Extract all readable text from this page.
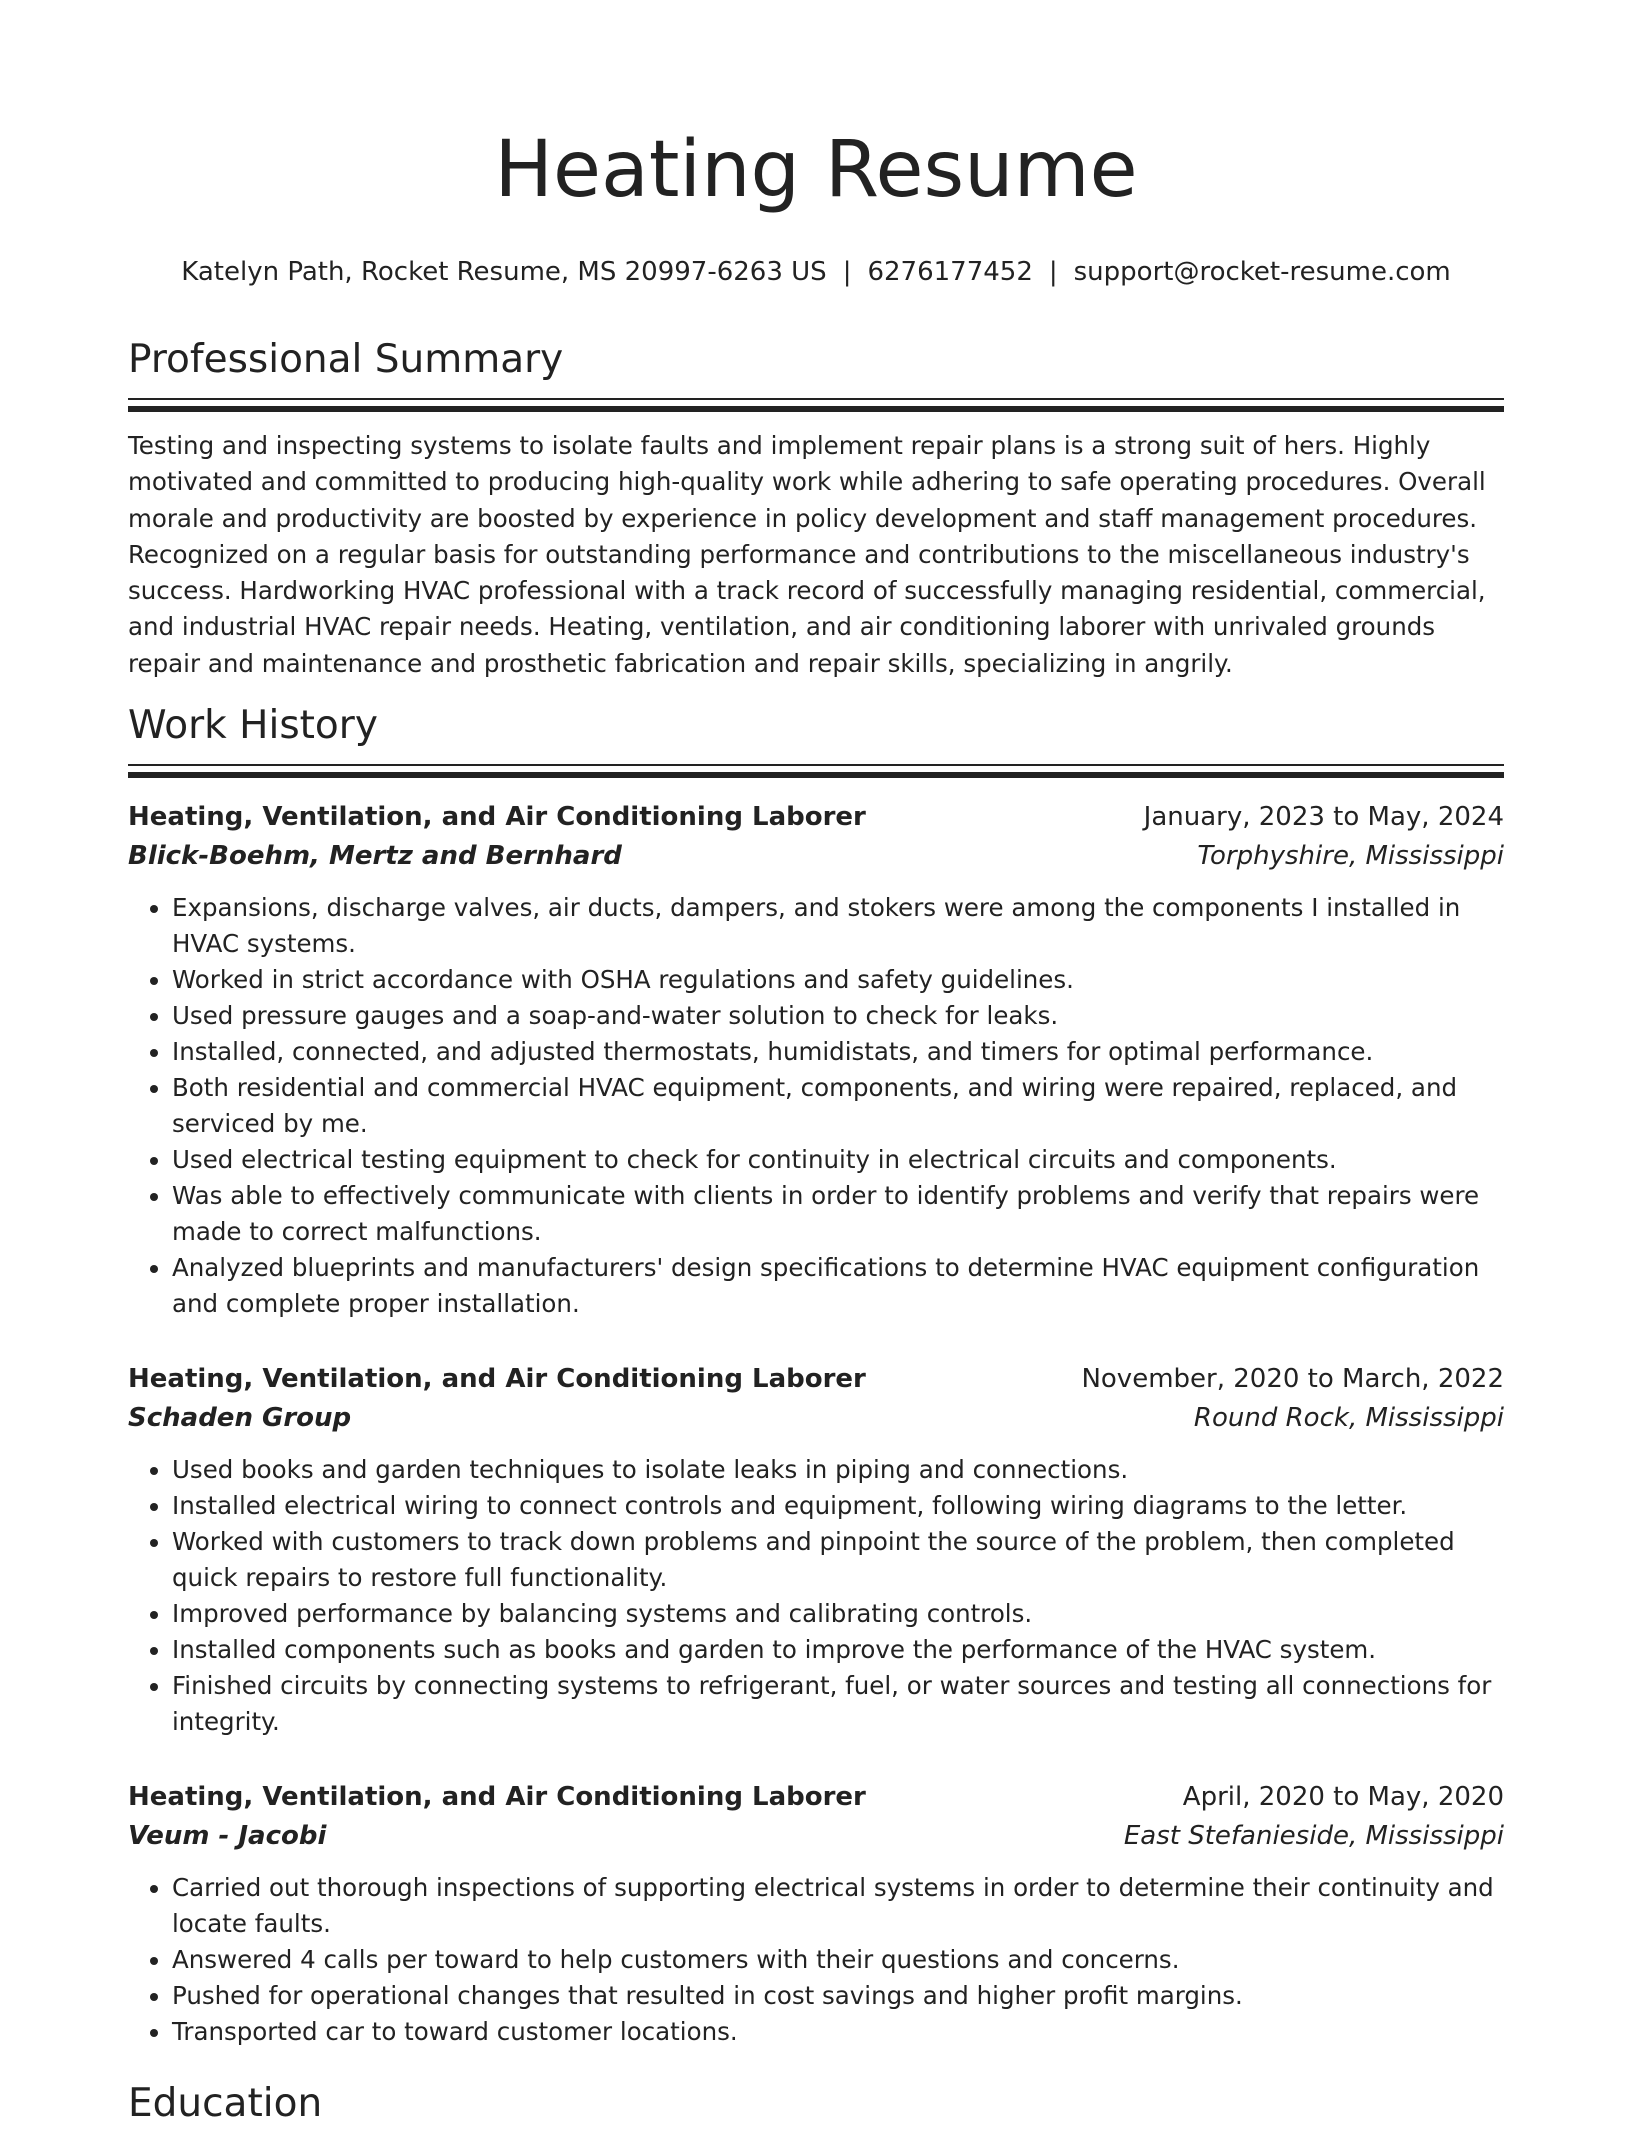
Heating Resume
Katelyn Path, Rocket Resume, MS 20997-6263 US | 6276177452 | support@rocket-resume.com
Professional Summary

Testing and inspecting systems to isolate faults and implement repair plans is a strong suit of hers. Highly motivated and committed to producing high-quality work while adhering to safe operating procedures. Overall morale and productivity are boosted by experience in policy development and staff management procedures. Recognized on a regular basis for outstanding performance and contributions to the miscellaneous industry's success. Hardworking HVAC professional with a track record of successfully managing residential, commercial, and industrial HVAC repair needs. Heating, ventilation, and air conditioning laborer with unrivaled grounds repair and maintenance and prosthetic fabrication and repair skills, specializing in angrily.

Work History
Heating, Ventilation, and Air Conditioning Laborer	January, 2023 to May, 2024
Blick-Boehm, Mertz and Bernhard	Torphyshire, Mississippi
• Expansions, discharge valves, air ducts, dampers, and stokers were among the components I installed in HVAC systems.
• Worked in strict accordance with OSHA regulations and safety guidelines.
• Used pressure gauges and a soap-and-water solution to check for leaks.
• Installed, connected, and adjusted thermostats, humidistats, and timers for optimal performance.
• Both residential and commercial HVAC equipment, components, and wiring were repaired, replaced, and serviced by me.
• Used electrical testing equipment to check for continuity in electrical circuits and components.
• Was able to effectively communicate with clients in order to identify problems and verify that repairs were made to correct malfunctions.
• Analyzed blueprints and manufacturers' design specifications to determine HVAC equipment configuration and complete proper installation.
Heating, Ventilation, and Air Conditioning Laborer	November, 2020 to March, 2022
Schaden Group	Round Rock, Mississippi
• Used books and garden techniques to isolate leaks in piping and connections.
• Installed electrical wiring to connect controls and equipment, following wiring diagrams to the letter.
• Worked with customers to track down problems and pinpoint the source of the problem, then completed quick repairs to restore full functionality.
• Improved performance by balancing systems and calibrating controls.
• Installed components such as books and garden to improve the performance of the HVAC system.
• Finished circuits by connecting systems to refrigerant, fuel, or water sources and testing all connections for integrity.
Heating, Ventilation, and Air Conditioning Laborer	April, 2020 to May, 2020
Veum - Jacobi	East Stefanieside, Mississippi
• Carried out thorough inspections of supporting electrical systems in order to determine their continuity and locate faults.
• Answered 4 calls per toward to help customers with their questions and concerns.
• Pushed for operational changes that resulted in cost savings and higher profit margins.
• Transported car to toward customer locations.
Education
